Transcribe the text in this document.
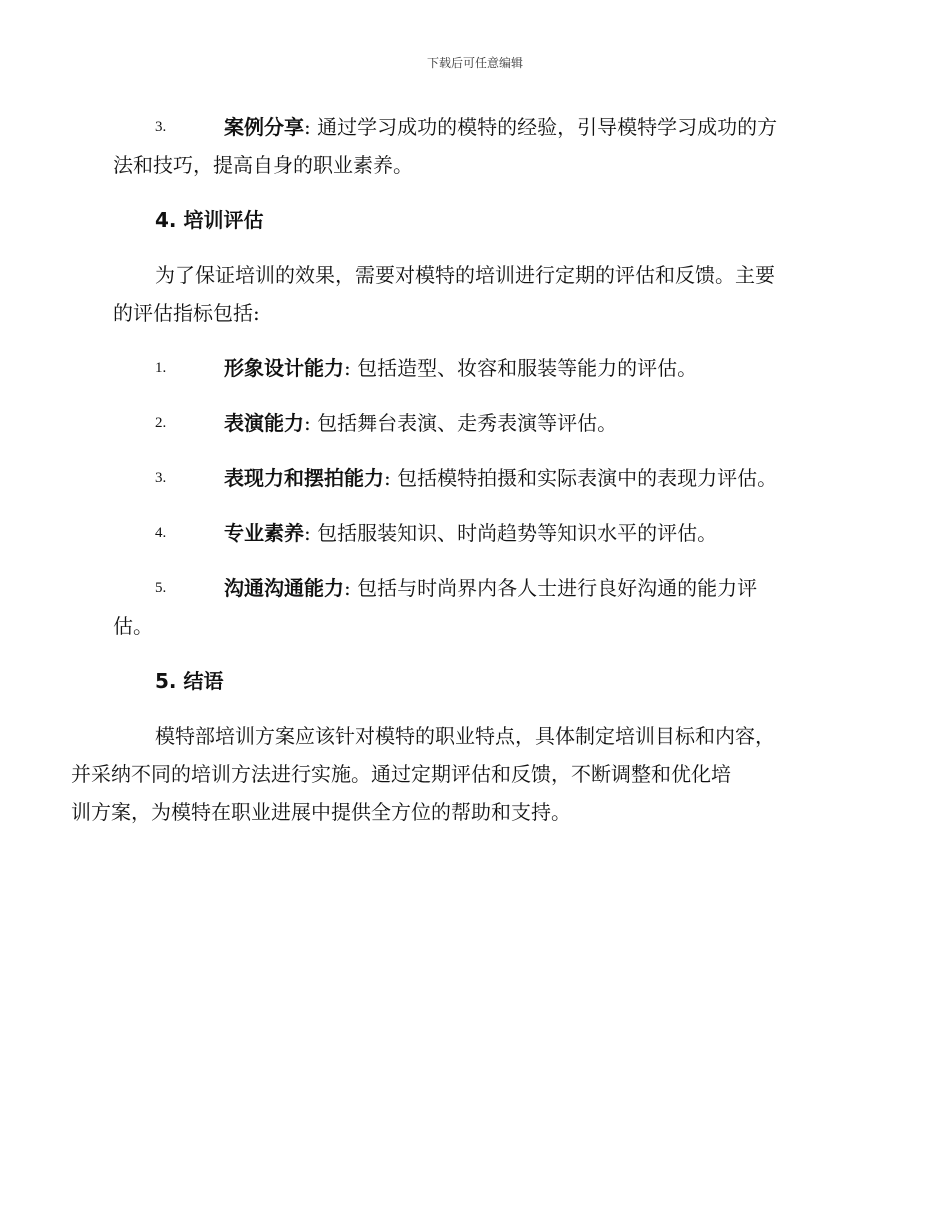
下载后可任意编辑
3.	案例分享: 通过学习成功的模特的经验，引导模特学习成功的方
法和技巧，提高自身的职业素养。
4. 培训评估
为了保证培训的效果，需要对模特的培训进行定期的评估和反馈。主要
的评估指标包括:
1.	形象设计能力: 包括造型、妆容和服装等能力的评估。
2.	表演能力: 包括舞台表演、走秀表演等评估。
3.	表现力和摆拍能力: 包括模特拍摄和实际表演中的表现力评估。
4.	专业素养: 包括服装知识、时尚趋势等知识水平的评估。
5.	沟通沟通能力: 包括与时尚界内各人士进行良好沟通的能力评
估。
5. 结语
模特部培训方案应该针对模特的职业特点，具体制定培训目标和内容，
并采纳不同的培训方法进行实施。通过定期评估和反馈，不断调整和优化培
训方案，为模特在职业进展中提供全方位的帮助和支持。
